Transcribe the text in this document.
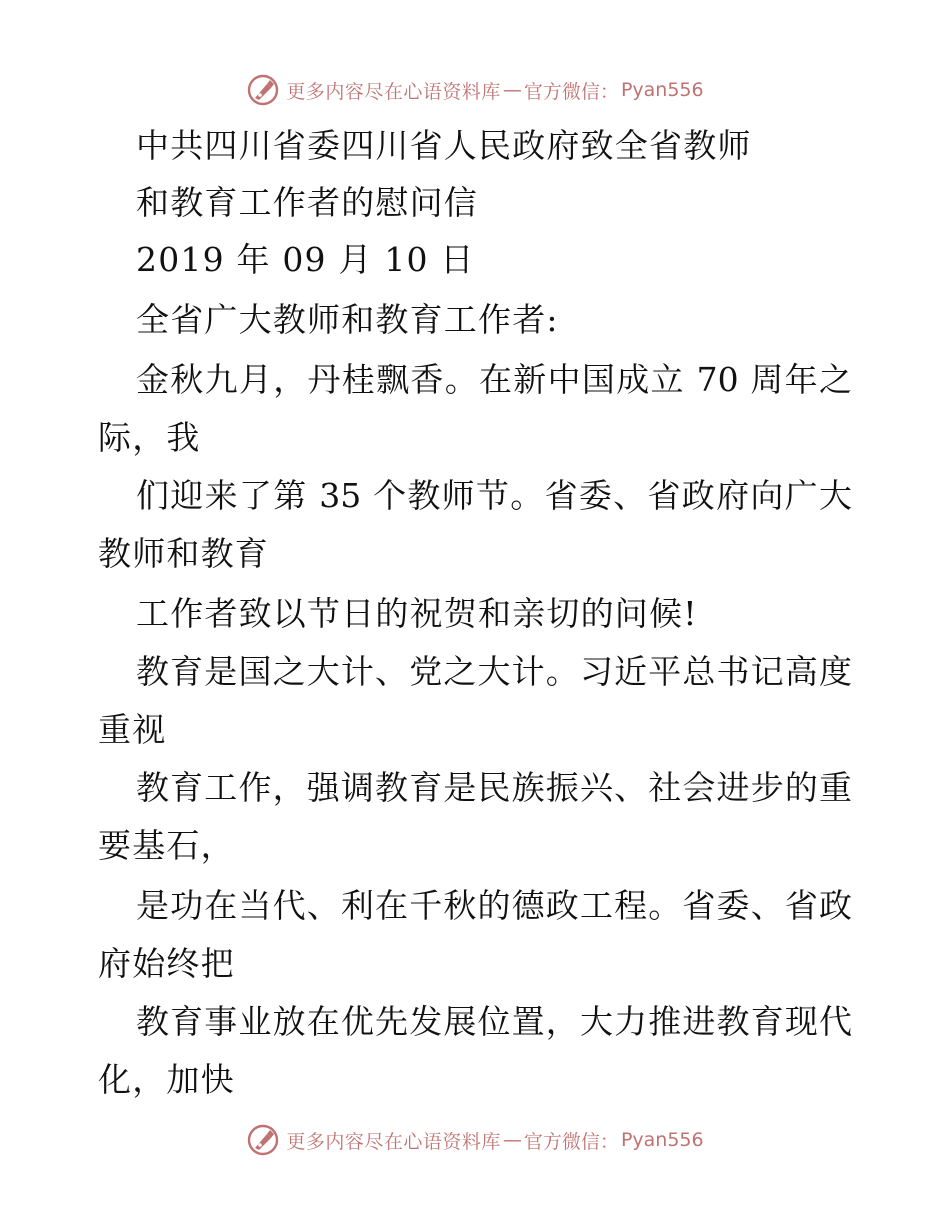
更多内容尽在心语资料库 — 官方微信： Pyan556
中共四川省委四川省人民政府致全省教师
和教育工作者的慰问信
2019 年 09 月 10 日
全省广大教师和教育工作者:
金秋九月，丹桂飘香。在新中国成立 70 周年之
际，我
们迎来了第 35 个教师节。省委、省政府向广大
教师和教育
工作者致以节日的祝贺和亲切的问候!
教育是国之大计、党之大计。习近平总书记高度
重视
教育工作，强调教育是民族振兴、社会进步的重
要基石，
是功在当代、利在千秋的德政工程。省委、省政
府始终把
教育事业放在优先发展位置，大力推进教育现代
化，加快
更多内容尽在心语资料库 — 官方微信： Pyan556
